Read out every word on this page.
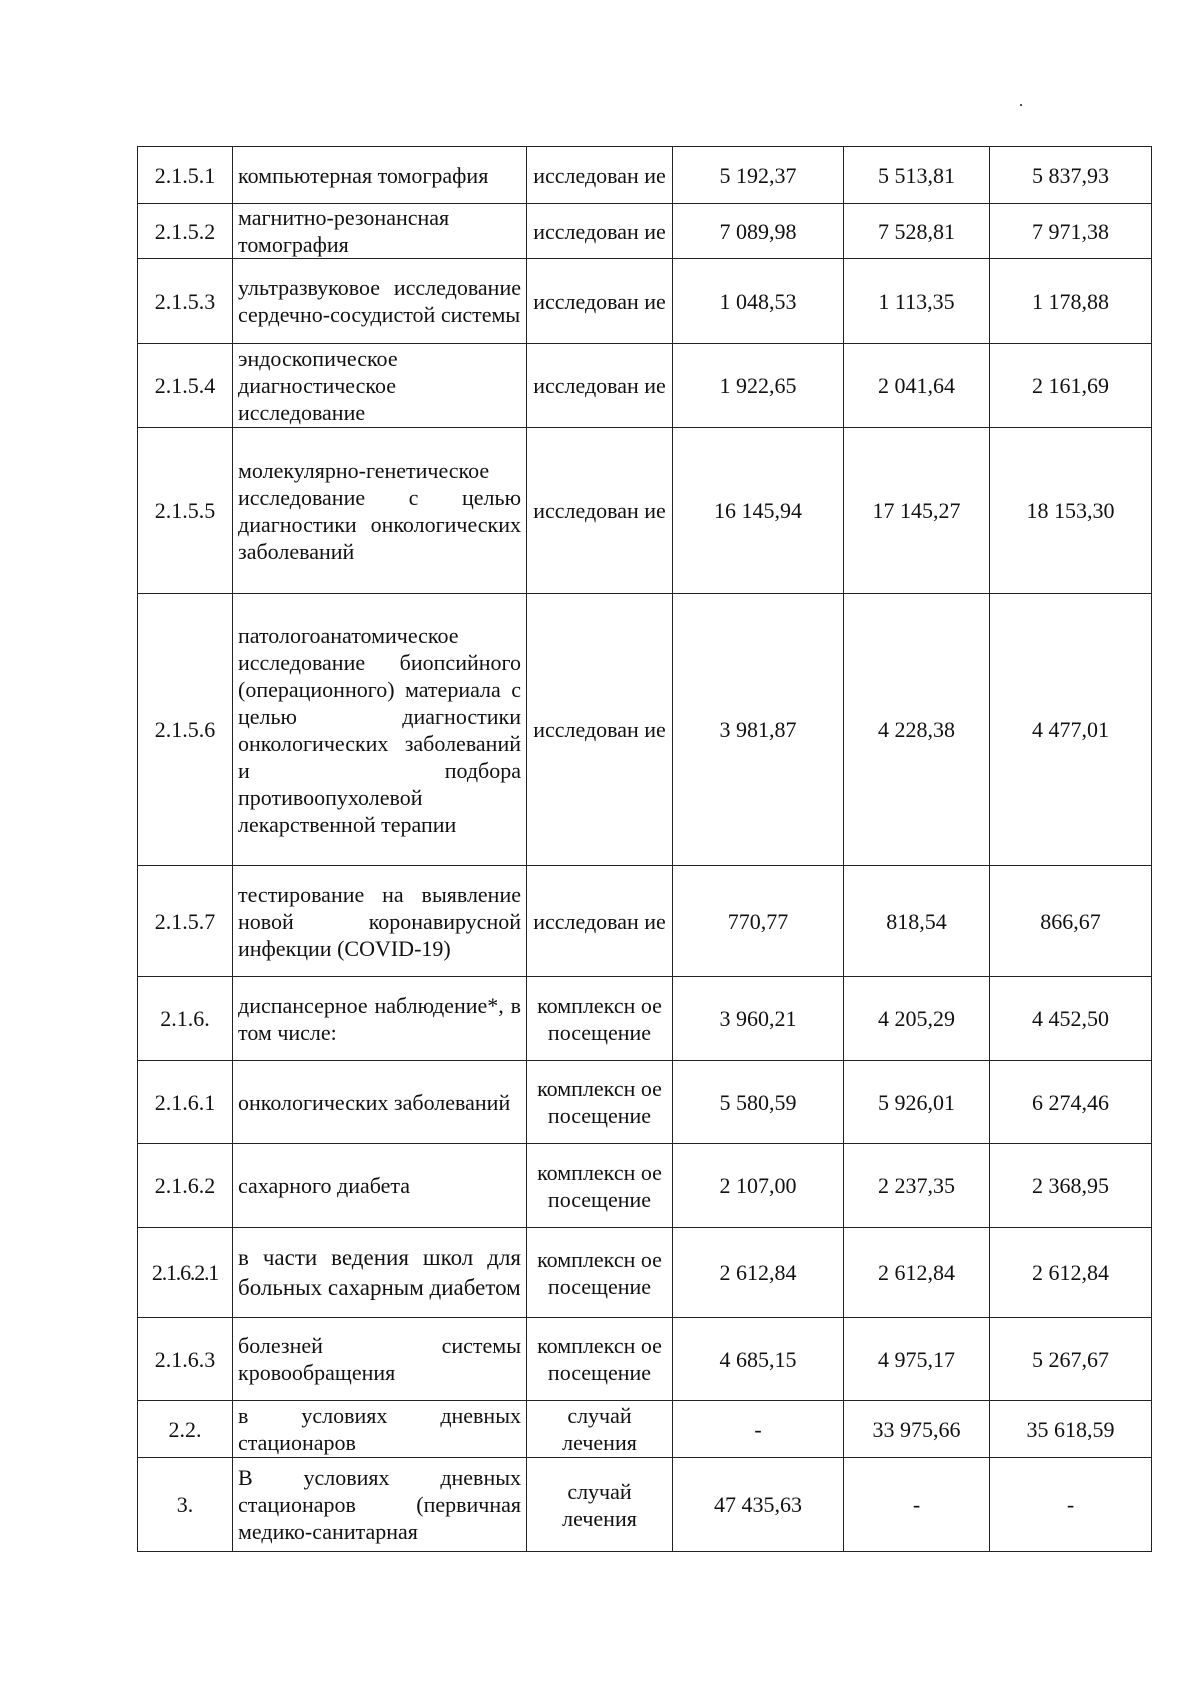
2.1.5.1	компьютерная томография	исследован ие	5 192,37	5 513,81	5 837,93
2.1.5.2	магнитно-резонансная томография	исследован ие	7 089,98	7 528,81	7 971,38
2.1.5.3	ультразвуковое исследование сердечно-сосудистой системы	исследован ие	1 048,53	1 113,35	1 178,88
2.1.5.4	эндоскопическое диагностическое исследование	исследован ие	1 922,65	2 041,64	2 161,69
2.1.5.5	молекулярно-генетическое исследование с целью диагностики онкологических заболеваний	исследован ие	16 145,94	17 145,27	18 153,30
2.1.5.6	патологоанатомическое исследование биопсийного (операционного) материала с целью диагностики онкологических заболеваний и подбора противоопухолевой лекарственной терапии	исследован ие	3 981,87	4 228,38	4 477,01
2.1.5.7	тестирование на выявление новой коронавирусной инфекции (COVID-19)	исследован ие	770,77	818,54	866,67
2.1.6.	диспансерное наблюдение*, в том числе:	комплексн ое посещение	3 960,21	4 205,29	4 452,50
2.1.6.1	онкологических заболеваний	комплексн ое посещение	5 580,59	5 926,01	6 274,46
2.1.6.2	сахарного диабета	комплексн ое посещение	2 107,00	2 237,35	2 368,95
2.1.6.2.1	в части ведения школ для больных сахарным диабетом	комплексн ое посещение	2 612,84	2 612,84	2 612,84
2.1.6.3	болезней системы кровообращения	комплексн ое посещение	4 685,15	4 975,17	5 267,67
2.2.	в условиях дневных стационаров	случай лечения	-	33 975,66	35 618,59
3.	В условиях дневных стационаров (первичная медико-санитарная	случай лечения	47 435,63	-	-
